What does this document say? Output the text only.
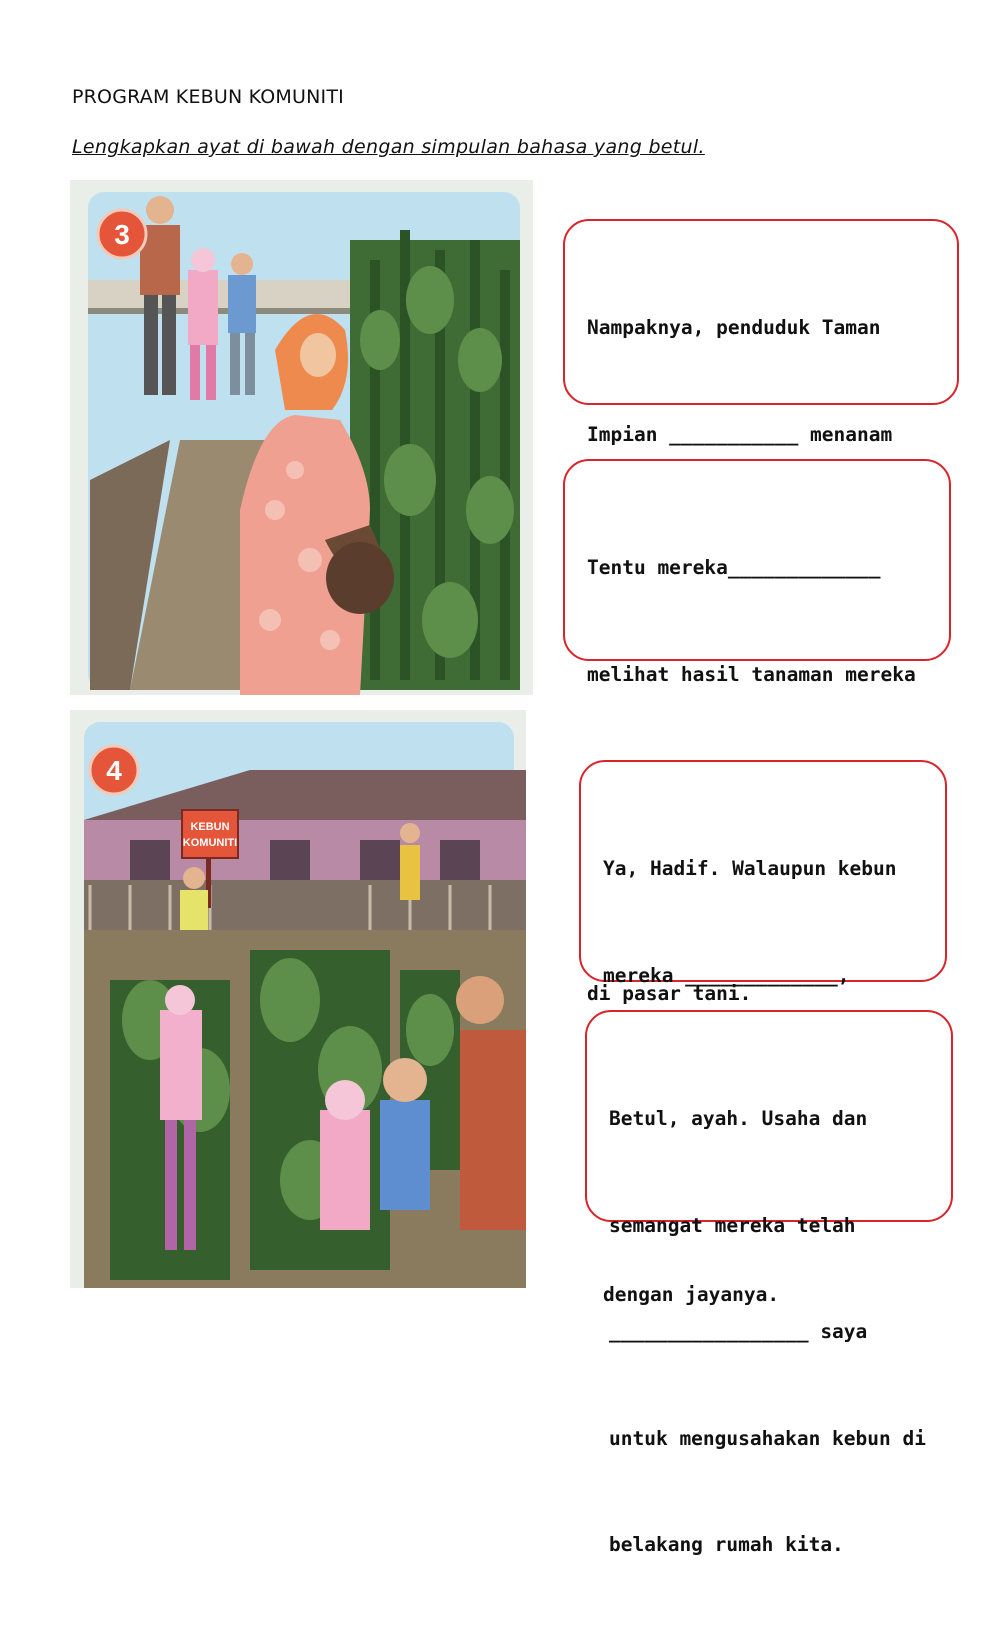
PROGRAM KEBUN KOMUNITI
Lengkapkan ayat di bawah dengan simpulan bahasa yang betul.
3
KEBUN
KOMUNITI
4

Nampaknya, penduduk Taman

Impian ___________ menanam

Tentu mereka_____________

melihat hasil tanaman mereka

di pasar tani.

Ya, Hadif. Walaupun kebun

mereka _____________,

dengan jayanya.

Betul, ayah. Usaha dan

semangat mereka telah

_________________ saya

untuk mengusahakan kebun di

belakang rumah kita.
